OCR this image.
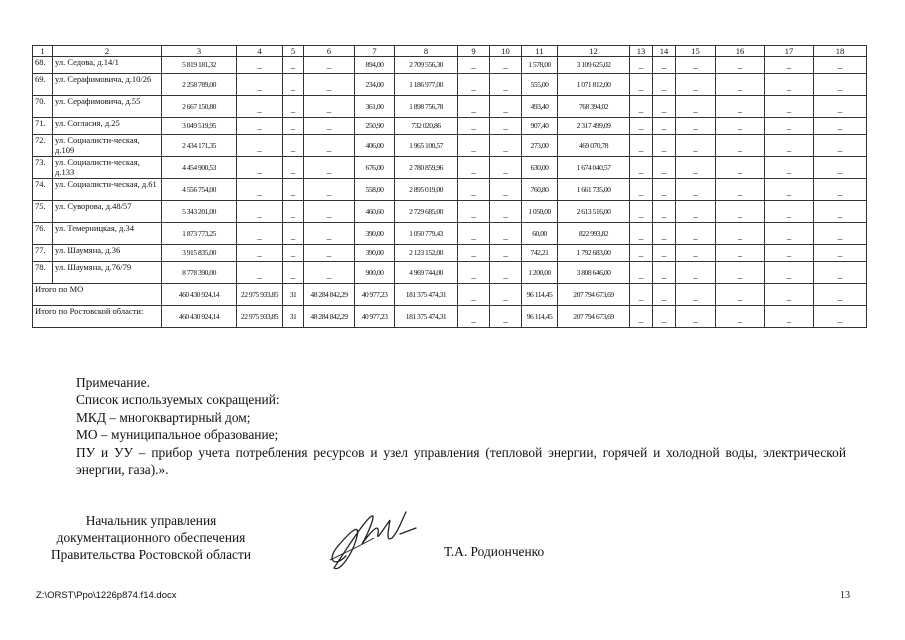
1	2	3	4	5	6	7	8	9	10	11	12	13	14	15	16	17	18
68.	ул. Седова, д.14/1	5 819 181,32	–	–	–	894,00	2 709 556,30	–	–	1 578,00	3 109 625,02	–	–	–	–	–	–
69.	ул. Серафимовича, д.10/26	2 258 789,00	–	–	–	234,00	1 186 977,00	–	–	555,00	1 071 812,00	–	–	–	–	–	–
70.	ул. Серафимовича, д.55	2 667 150,80	–	–	–	361,00	1 898 756,78	–	–	493,40	768 394,02	–	–	–	–	–	–
71.	ул. Согласия, д.25	3 049 519,95	–	–	–	250,90	732 020,86	–	–	907,40	2 317 499,09	–	–	–	–	–	–
72.	ул. Социалисти-ческая, д.109	2 434 171,35	–	–	–	406,00	1 965 100,57	–	–	273,00	469 070,78	–	–	–	–	–	–
73.	ул. Социалисти-ческая, д.133	4 454 900,53	–	–	–	676,00	2 780 859,96	–	–	630,00	1 674 040,57	–	–	–	–	–	–
74.	ул. Социалисти-ческая, д.61	4 556 754,00	–	–	–	558,00	2 895 019,00	–	–	760,80	1 661 735,00	–	–	–	–	–	–
75.	ул. Суворова, д.48/57	5 343 201,00	–	–	–	460,60	2 729 685,00	–	–	1 050,00	2 613 516,00	–	–	–	–	–	–
76.	ул. Темерницкая, д.34	1 873 773,25	–	–	–	390,00	1 050 779,43	–	–	60,00	822 993,82	–	–	–	–	–	–
77.	ул. Шаумяна, д.36	3 915 835,00	–	–	–	390,00	2 123 152,00	–	–	742,21	1 792 683,00	–	–	–	–	–	–
78.	ул. Шаумяна, д.76/79	8 778 390,00	–	–	–	900,00	4 969 744,00	–	–	1 200,00	3 808 646,00	–	–	–	–	–	–
Итого по МО		460 430 924,14	22 975 933,85	31	48 284 842,29	40 977,23	181 375 474,31	–	–	96 114,45	207 794 673,69	–	–	–	–	–	–
Итого по Ростовской области:		460 430 924,14	22 975 933,85	31	48 284 842,29	40 977,23	181 375 474,31	–	–	96 114,45	207 794 673,69	–	–	–	–	–	–
Примечание.
Список используемых сокращений:
МКД – многоквартирный дом;
МО – муниципальное образование;
ПУ и УУ – прибор учета потребления ресурсов и узел управления (тепловой энергии, горячей и холодной воды, электрической энергии, газа).».
Начальник управления
документационного обеспечения
Правительства Ростовской области	Т.А. Родионченко
Z:\ORST\Ppo\1226p874.f14.docx	13
